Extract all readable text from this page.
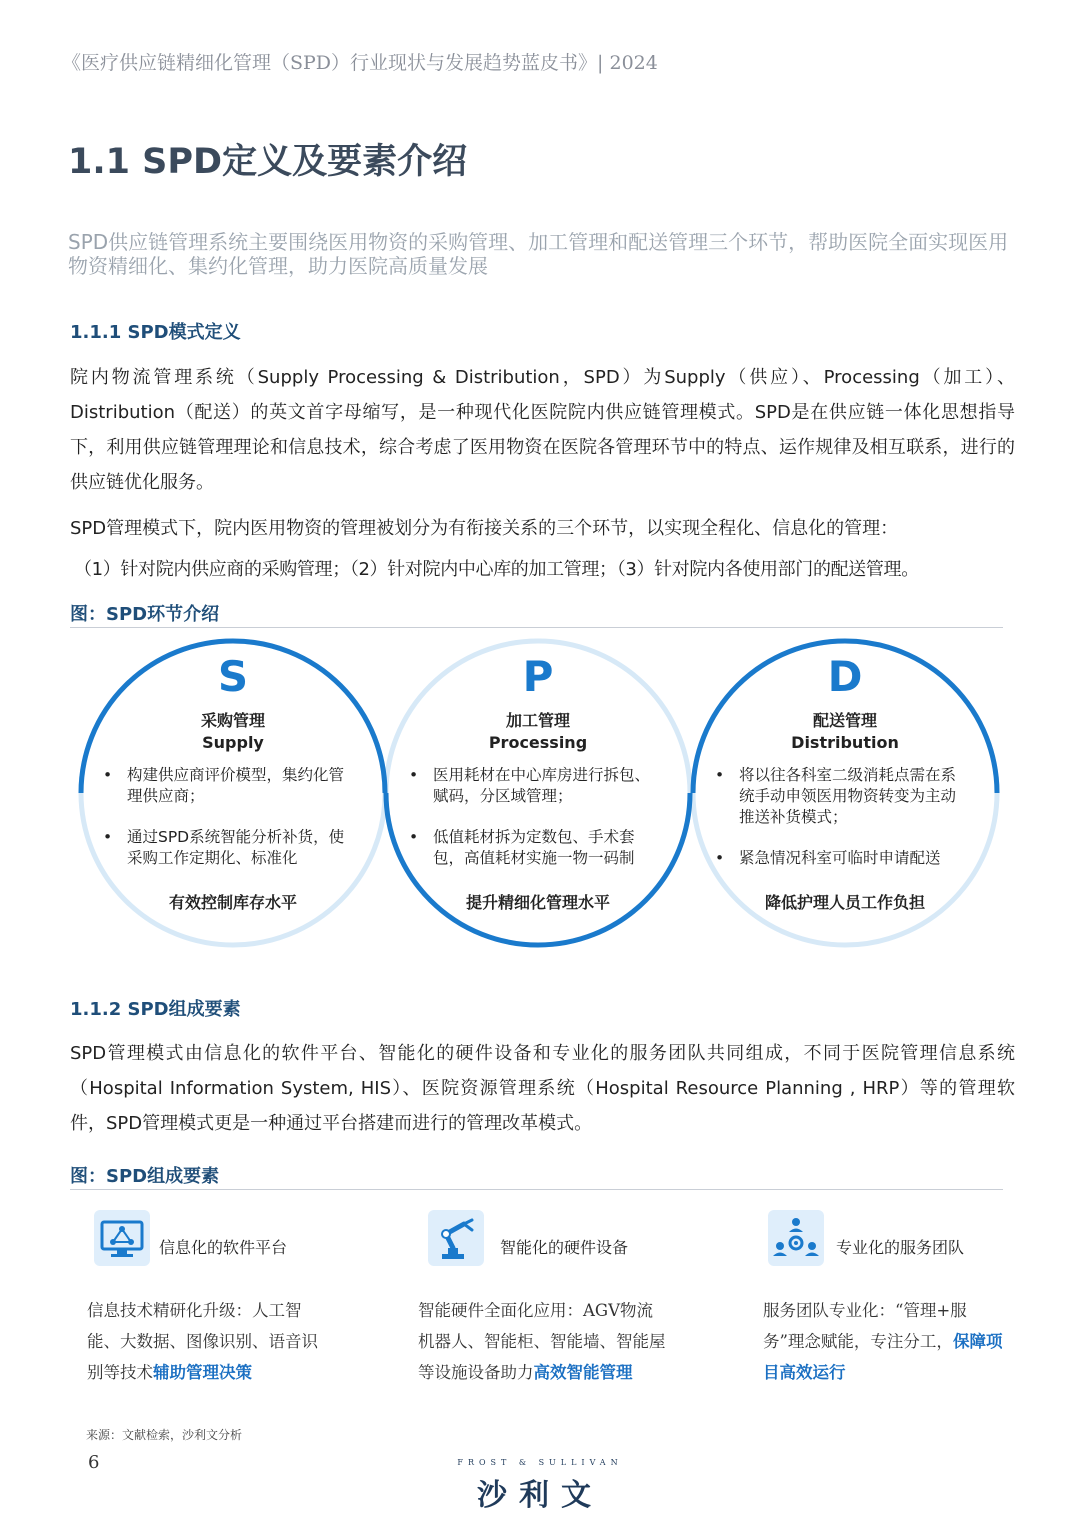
《医疗供应链精细化管理（SPD）行业现状与发展趋势蓝皮书》| 2024
1.1 SPD定义及要素介绍
SPD供应链管理系统主要围绕医用物资的采购管理、加工管理和配送管理三个环节，帮助医院全面实现医用物资精细化、集约化管理，助力医院高质量发展
1.1.1 SPD模式定义
院内物流管理系统（Supply Processing & Distribution，SPD）为Supply（供应）、Processing（加工）、Distribution（配送）的英文首字母缩写，是一种现代化医院院内供应链管理模式。SPD是在供应链一体化思想指导下，利用供应链管理理论和信息技术，综合考虑了医用物资在医院各管理环节中的特点、运作规律及相互联系，进行的供应链优化服务。
SPD管理模式下，院内医用物资的管理被划分为有衔接关系的三个环节，以实现全程化、信息化的管理：
（1）针对院内供应商的采购管理；（2）针对院内中心库的加工管理；（3）针对院内各使用部门的配送管理。
图：SPD环节介绍
S
采购管理
Supply
• 构建供应商评价模型，集约化管理供应商；
• 通过SPD系统智能分析补货，使采购工作定期化、标准化
有效控制库存水平
P
加工管理
Processing
• 医用耗材在中心库房进行拆包、赋码，分区域管理；
• 低值耗材拆为定数包、手术套包，高值耗材实施一物一码制
提升精细化管理水平
D
配送管理
Distribution
• 将以往各科室二级消耗点需在系统手动申领医用物资转变为主动推送补货模式；
• 紧急情况科室可临时申请配送
降低护理人员工作负担
1.1.2 SPD组成要素
SPD管理模式由信息化的软件平台、智能化的硬件设备和专业化的服务团队共同组成，不同于医院管理信息系统（Hospital Information System, HIS）、医院资源管理系统（Hospital Resource Planning , HRP）等的管理软件，SPD管理模式更是一种通过平台搭建而进行的管理改革模式。
图：SPD组成要素
信息化的软件平台
信息技术精研化升级：人工智能、大数据、图像识别、语音识别等技术辅助管理决策
智能化的硬件设备
智能硬件全面化应用：AGV物流机器人、智能柜、智能墙、智能屋等设施设备助力高效智能管理
专业化的服务团队
服务团队专业化：“管理+服务”理念赋能，专注分工，保障项目高效运行
来源：文献检索，沙利文分析
6	FROST & SULLIVAN
沙利文
